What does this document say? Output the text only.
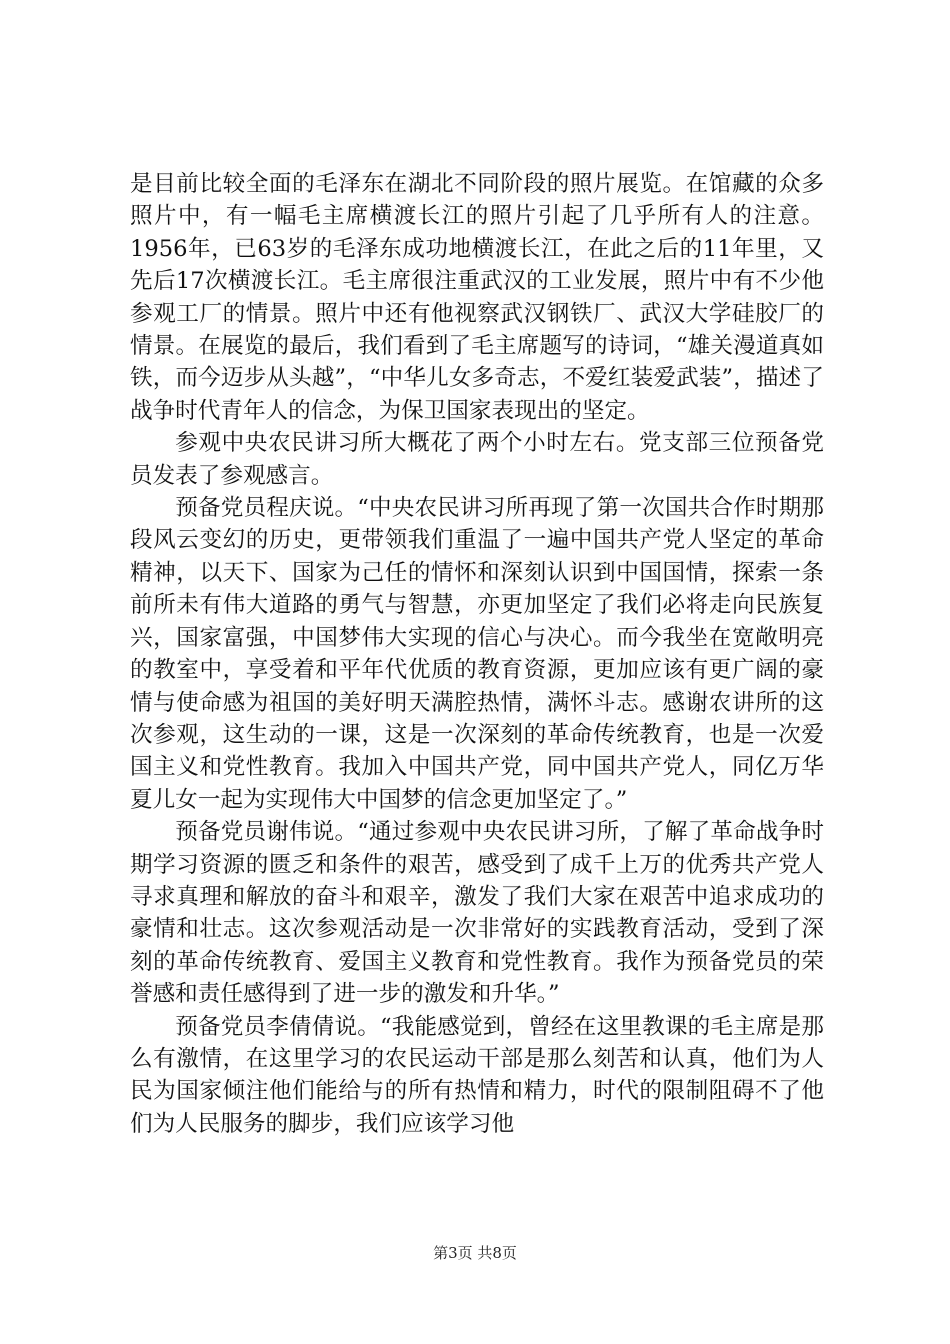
是目前比较全面的毛泽东在湖北不同阶段的照片展览。在馆藏的众多照片中，有一幅毛主席横渡长江的照片引起了几乎所有人的注意。1956年，已63岁的毛泽东成功地横渡长江，在此之后的11年里，又先后17次横渡长江。毛主席很注重武汉的工业发展，照片中有不少他参观工厂的情景。照片中还有他视察武汉钢铁厂、武汉大学硅胶厂的情景。在展览的最后，我们看到了毛主席题写的诗词，“雄关漫道真如铁，而今迈步从头越”，“中华儿女多奇志，不爱红装爱武装”，描述了战争时代青年人的信念，为保卫国家表现出的坚定。

参观中央农民讲习所大概花了两个小时左右。党支部三位预备党员发表了参观感言。

预备党员程庆说。“中央农民讲习所再现了第一次国共合作时期那段风云变幻的历史，更带领我们重温了一遍中国共产党人坚定的革命精神，以天下、国家为己任的情怀和深刻认识到中国国情，探索一条前所未有伟大道路的勇气与智慧，亦更加坚定了我们必将走向民族复兴，国家富强，中国梦伟大实现的信心与决心。而今我坐在宽敞明亮的教室中，享受着和平年代优质的教育资源，更加应该有更广阔的豪情与使命感为祖国的美好明天满腔热情，满怀斗志。感谢农讲所的这次参观，这生动的一课，这是一次深刻的革命传统教育，也是一次爱国主义和党性教育。我加入中国共产党，同中国共产党人，同亿万华夏儿女一起为实现伟大中国梦的信念更加坚定了。”

预备党员谢伟说。“通过参观中央农民讲习所，了解了革命战争时期学习资源的匮乏和条件的艰苦，感受到了成千上万的优秀共产党人寻求真理和解放的奋斗和艰辛，激发了我们大家在艰苦中追求成功的豪情和壮志。这次参观活动是一次非常好的实践教育活动，受到了深刻的革命传统教育、爱国主义教育和党性教育。我作为预备党员的荣誉感和责任感得到了进一步的激发和升华。”

预备党员李倩倩说。“我能感觉到，曾经在这里教课的毛主席是那么有激情，在这里学习的农民运动干部是那么刻苦和认真，他们为人民为国家倾注他们能给与的所有热情和精力，时代的限制阻碍不了他们为人民服务的脚步，我们应该学习他

第3页 共8页
